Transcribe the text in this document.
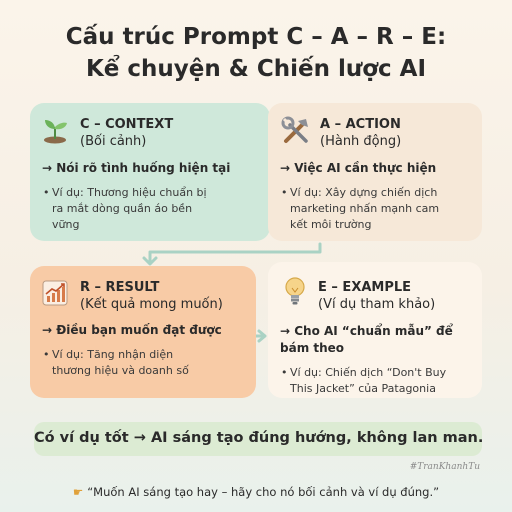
Cấu trúc Prompt C – A – R – E:
Kể chuyện & Chiến lược AI
C – CONTEXT
(Bối cảnh)
→ Nói rõ tình huống hiện tại
• Ví dụ: Thương hiệu chuẩn bị
ra mắt dòng quần áo bền
vững
A – ACTION
(Hành động)
→ Việc AI cần thực hiện
• Ví dụ: Xây dựng chiến dịch
marketing nhấn mạnh cam
kết môi trường
R – RESULT
(Kết quả mong muốn)
→ Điều bạn muốn đạt được
• Ví dụ: Tăng nhận diện
thương hiệu và doanh số
E – EXAMPLE
(Ví dụ tham khảo)
→ Cho AI “chuẩn mẫu” để
bám theo
• Ví dụ: Chiến dịch “Don't Buy
This Jacket” của Patagonia
Có ví dụ tốt → AI sáng tạo đúng hướng, không lan man.
#TranKhanhTu
☛ “Muốn AI sáng tạo hay – hãy cho nó bối cảnh và ví dụ đúng.”
